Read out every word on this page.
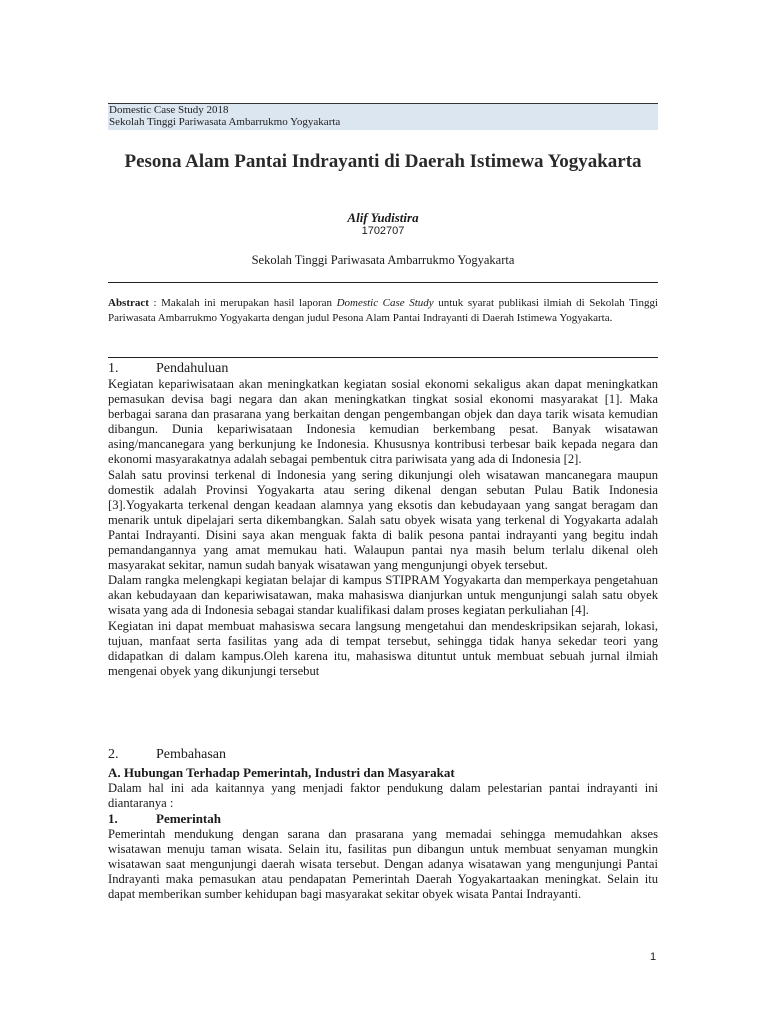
Domestic Case Study 2018
Sekolah Tinggi Pariwasata Ambarrukmo Yogyakarta
Pesona Alam Pantai Indrayanti di Daerah Istimewa Yogyakarta
Alif Yudistira
1702707
Sekolah Tinggi Pariwasata Ambarrukmo Yogyakarta
Abstract : Makalah ini merupakan hasil laporan Domestic Case Study untuk syarat publikasi ilmiah di Sekolah Tinggi Pariwasata Ambarrukmo Yogyakarta dengan judul Pesona Alam Pantai Indrayanti di Daerah Istimewa Yogyakarta.
1.	Pendahuluan

Kegiatan kepariwisataan akan meningkatkan kegiatan sosial ekonomi sekaligus akan dapat meningkatkan pemasukan devisa bagi negara dan akan meningkatkan tingkat sosial ekonomi masyarakat [1]. Maka berbagai sarana dan prasarana yang berkaitan dengan pengembangan objek dan daya tarik wisata kemudian dibangun. Dunia kepariwisataan Indonesia kemudian berkembang pesat. Banyak wisatawan asing/mancanegara yang berkunjung ke Indonesia. Khususnya kontribusi terbesar baik kepada negara dan ekonomi masyarakatnya adalah sebagai pembentuk citra pariwisata yang ada di Indonesia [2].

Salah satu provinsi terkenal di Indonesia yang sering dikunjungi oleh wisatawan mancanegara maupun domestik adalah Provinsi Yogyakarta atau sering dikenal dengan sebutan Pulau Batik Indonesia [3].Yogyakarta terkenal dengan keadaan alamnya yang eksotis dan kebudayaan yang sangat beragam dan menarik untuk dipelajari serta dikembangkan. Salah satu obyek wisata yang terkenal di Yogyakarta adalah Pantai Indrayanti. Disini saya akan menguak fakta di balik pesona pantai indrayanti yang begitu indah pemandangannya yang amat memukau hati. Walaupun pantai nya masih belum terlalu dikenal oleh masyarakat sekitar, namun sudah banyak wisatawan yang mengunjungi obyek tersebut.

Dalam rangka melengkapi kegiatan belajar di kampus STIPRAM Yogyakarta dan memperkaya pengetahuan akan kebudayaan dan kepariwisatawan, maka mahasiswa dianjurkan untuk mengunjungi salah satu obyek wisata yang ada di Indonesia sebagai standar kualifikasi dalam proses kegiatan perkuliahan [4].

Kegiatan ini dapat membuat mahasiswa secara langsung mengetahui dan mendeskripsikan sejarah, lokasi, tujuan, manfaat serta fasilitas yang ada di tempat tersebut, sehingga tidak hanya sekedar teori yang didapatkan di dalam kampus.Oleh karena itu, mahasiswa dituntut untuk membuat sebuah jurnal ilmiah mengenai obyek yang dikunjungi tersebut

2.	Pembahasan
A. Hubungan Terhadap Pemerintah, Industri dan Masyarakat

Dalam hal ini ada kaitannya yang menjadi faktor pendukung dalam pelestarian pantai indrayanti ini diantaranya :

1.	Pemerintah

Pemerintah mendukung dengan sarana dan prasarana yang memadai sehingga memudahkan akses wisatawan menuju taman wisata. Selain itu, fasilitas pun dibangun untuk membuat senyaman mungkin wisatawan saat mengunjungi daerah wisata tersebut. Dengan adanya wisatawan yang mengunjungi Pantai Indrayanti maka pemasukan atau pendapatan Pemerintah Daerah Yogyakartaakan meningkat. Selain itu dapat memberikan sumber kehidupan bagi masyarakat sekitar obyek wisata Pantai Indrayanti.

1
